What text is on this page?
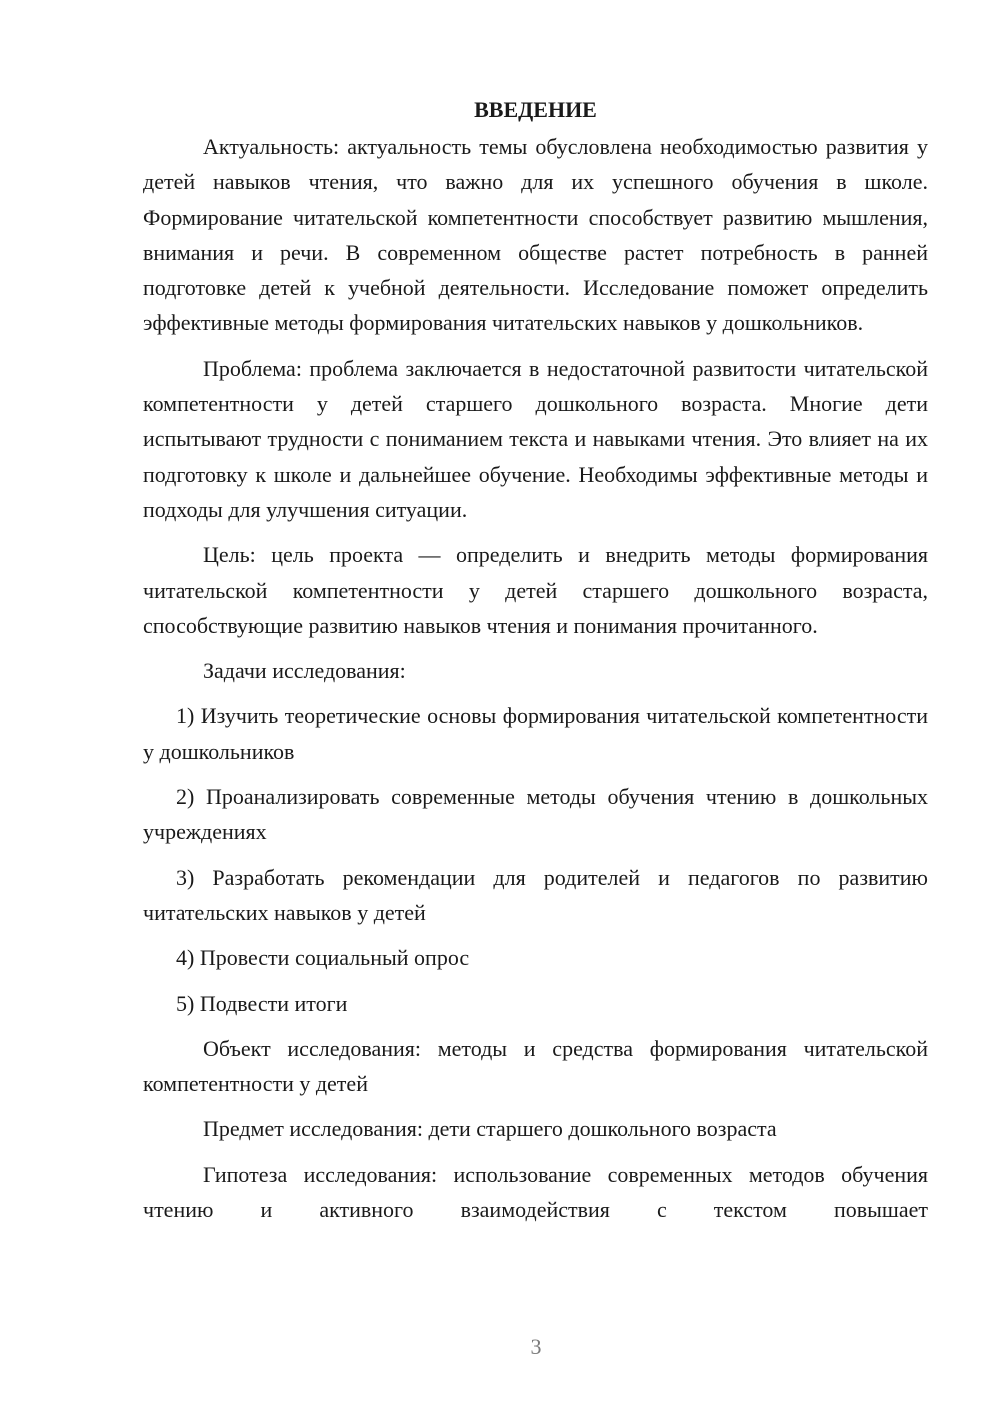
ВВЕДЕНИЕ

Актуальность: актуальность темы обусловлена необходимостью развития у детей навыков чтения, что важно для их успешного обучения в школе. Формирование читательской компетентности способствует развитию мышления, внимания и речи. В современном обществе растет потребность в ранней подготовке детей к учебной деятельности. Исследование поможет определить эффективные методы формирования читательских навыков у дошкольников.

Проблема: проблема заключается в недостаточной развитости читательской компетентности у детей старшего дошкольного возраста. Многие дети испытывают трудности с пониманием текста и навыками чтения. Это влияет на их подготовку к школе и дальнейшее обучение. Необходимы эффективные методы и подходы для улучшения ситуации.

Цель: цель проекта — определить и внедрить методы формирования читательской компетентности у детей старшего дошкольного возраста, способствующие развитию навыков чтения и понимания прочитанного.

Задачи исследования:

1) Изучить теоретические основы формирования читательской компетентности у дошкольников

2) Проанализировать современные методы обучения чтению в дошкольных учреждениях

3) Разработать рекомендации для родителей и педагогов по развитию читательских навыков у детей

4) Провести социальный опрос

5) Подвести итоги

Объект исследования: методы и средства формирования читательской компетентности у детей

Предмет исследования: дети старшего дошкольного возраста

Гипотеза исследования: использование современных методов обучения чтению и активного взаимодействия с текстом повышает

3
